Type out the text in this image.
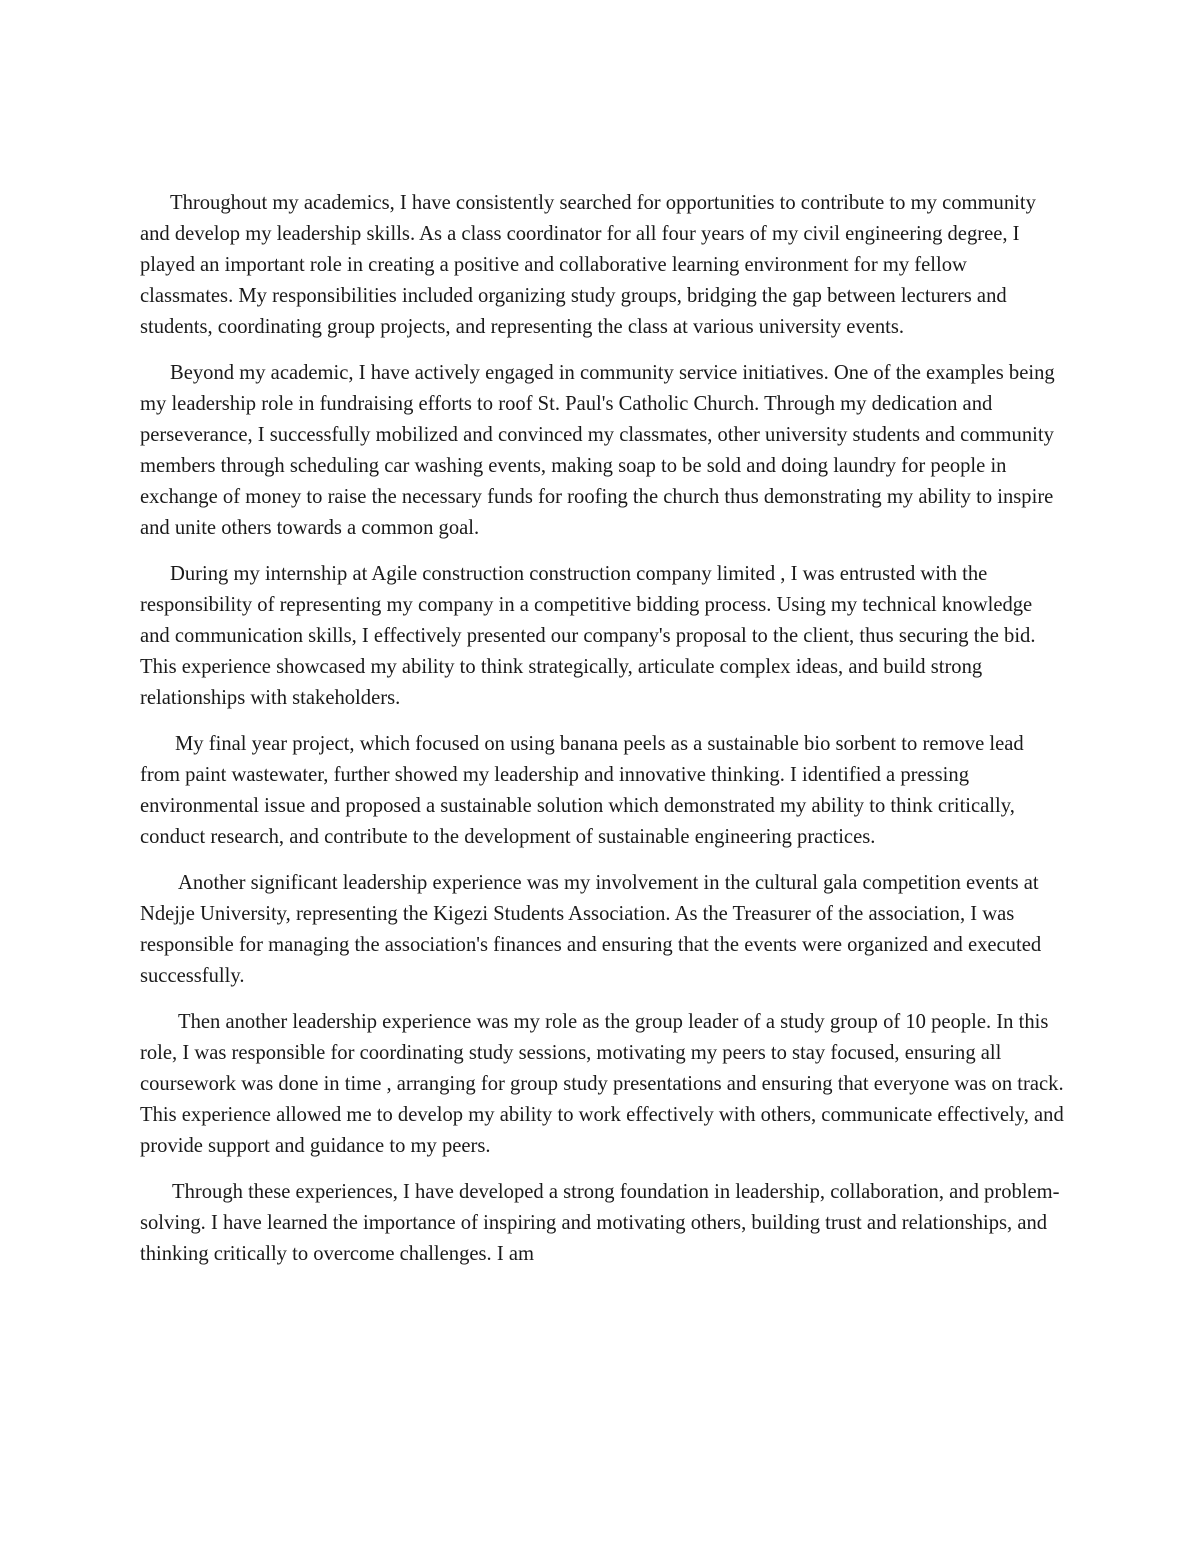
Throughout my academics, I have consistently searched for opportunities to contribute to my community and develop my leadership skills. As a class coordinator for all four years of my civil engineering degree, I played an important role in creating a positive and collaborative learning environment for my fellow classmates. My responsibilities included organizing study groups, bridging the gap between lecturers and students, coordinating group projects, and representing the class at various university events.

Beyond my academic, I have actively engaged in community service initiatives. One of the examples being my leadership role in fundraising efforts to roof St. Paul's Catholic Church. Through my dedication and perseverance, I successfully mobilized and convinced my classmates, other university students and community members through scheduling car washing events, making soap to be sold and doing laundry for people in exchange of money to raise the necessary funds for roofing the church thus demonstrating my ability to inspire and unite others towards a common goal.

During my internship at Agile construction construction company limited , I was entrusted with the responsibility of representing my company in a competitive bidding process. Using my technical knowledge and communication skills, I effectively presented our company's proposal to the client, thus securing the bid. This experience showcased my ability to think strategically, articulate complex ideas, and build strong relationships with stakeholders.

My final year project, which focused on using banana peels as a sustainable bio sorbent to remove lead from paint wastewater, further showed my leadership and innovative thinking. I identified a pressing environmental issue and proposed a sustainable solution which demonstrated my ability to think critically, conduct research, and contribute to the development of sustainable engineering practices.

Another significant leadership experience was my involvement in the cultural gala competition events at Ndejje University, representing the Kigezi Students Association. As the Treasurer of the association, I was responsible for managing the association's finances and ensuring that the events were organized and executed successfully.

Then another leadership experience was my role as the group leader of a study group of 10 people. In this role, I was responsible for coordinating study sessions, motivating my peers to stay focused, ensuring all coursework was done in time , arranging for group study presentations and ensuring that everyone was on track. This experience allowed me to develop my ability to work effectively with others, communicate effectively, and provide support and guidance to my peers.

Through these experiences, I have developed a strong foundation in leadership, collaboration, and problem-solving. I have learned the importance of inspiring and motivating others, building trust and relationships, and thinking critically to overcome challenges. I am
